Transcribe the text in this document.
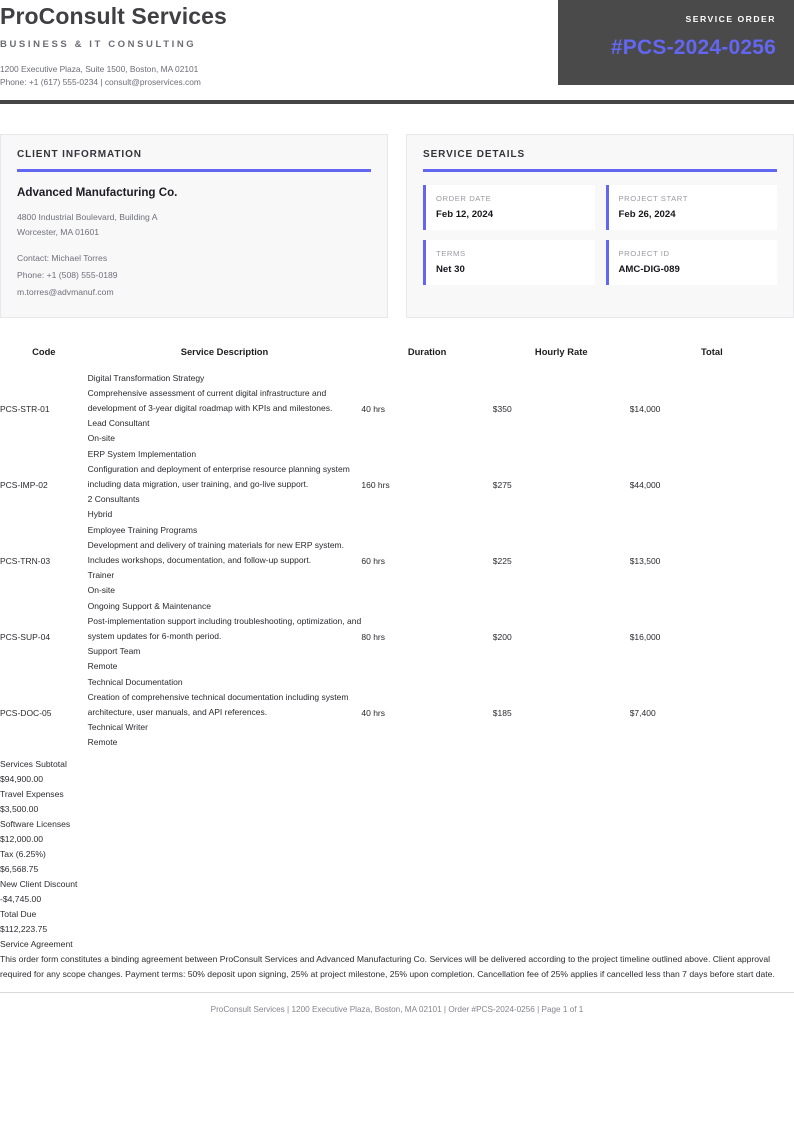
ProConsult Services
BUSINESS & IT CONSULTING
1200 Executive Plaza, Suite 1500, Boston, MA 02101
Phone: +1 (617) 555-0234 | consult@proservices.com
SERVICE ORDER
#PCS-2024-0256
CLIENT INFORMATION
Advanced Manufacturing Co.
4800 Industrial Boulevard, Building A
Worcester, MA 01601
Contact: Michael Torres
Phone: +1 (508) 555-0189
m.torres@advmanuf.com
SERVICE DETAILS
ORDER DATE
Feb 12, 2024
PROJECT START
Feb 26, 2024
TERMS
Net 30
PROJECT ID
AMC-DIG-089
Code	Service Description	Duration	Hourly Rate	Total
PCS-STR-01	Digital Transformation Strategy
Comprehensive assessment of current digital infrastructure and
development of 3-year digital roadmap with KPIs and milestones.
Lead Consultant
On-site	40 hrs	$350	$14,000
PCS-IMP-02	ERP System Implementation
Configuration and deployment of enterprise resource planning system
including data migration, user training, and go-live support.
2 Consultants
Hybrid	160 hrs	$275	$44,000
PCS-TRN-03	Employee Training Programs
Development and delivery of training materials for new ERP system.
Includes workshops, documentation, and follow-up support.
Trainer
On-site	60 hrs	$225	$13,500
PCS-SUP-04	Ongoing Support & Maintenance
Post-implementation support including troubleshooting, optimization, and
system updates for 6-month period.
Support Team
Remote	80 hrs	$200	$16,000
PCS-DOC-05	Technical Documentation
Creation of comprehensive technical documentation including system
architecture, user manuals, and API references.
Technical Writer
Remote	40 hrs	$185	$7,400
Services Subtotal
$94,900.00
Travel Expenses
$3,500.00
Software Licenses
$12,000.00
Tax (6.25%)
$6,568.75
New Client Discount
-$4,745.00
Total Due
$112,223.75
Service Agreement
This order form constitutes a binding agreement between ProConsult Services and Advanced Manufacturing Co. Services will be delivered according to the project timeline outlined above. Client approval required for any scope changes. Payment terms: 50% deposit upon signing, 25% at project milestone, 25% upon completion. Cancellation fee of 25% applies if cancelled less than 7 days before start date.
ProConsult Services | 1200 Executive Plaza, Boston, MA 02101 | Order #PCS-2024-0256 | Page 1 of 1
